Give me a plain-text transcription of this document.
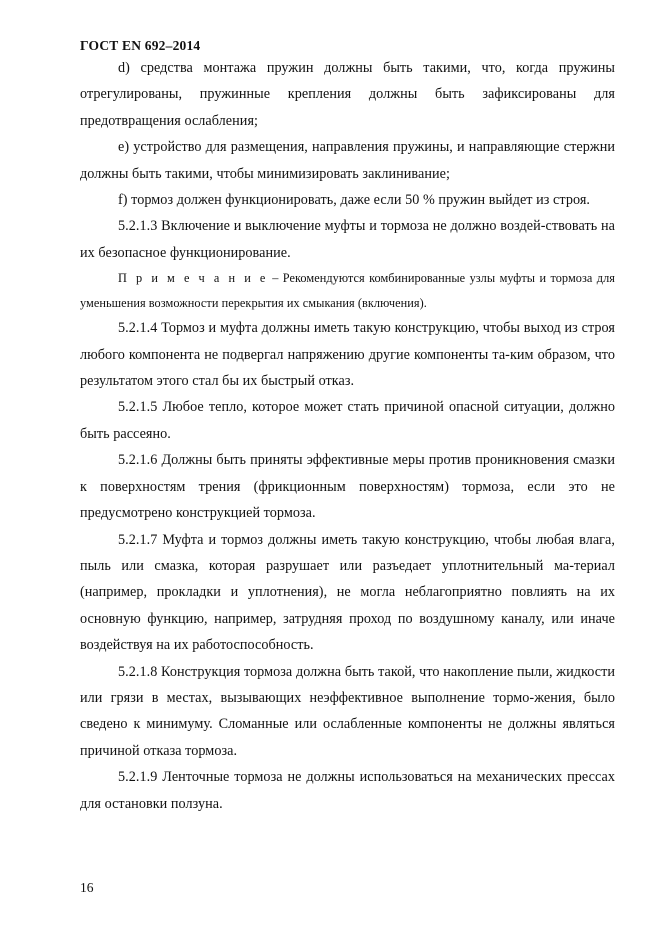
ГОСТ EN 692–2014

d) средства монтажа пружин должны быть такими, что, когда пружины отрегулированы, пружинные крепления должны быть зафиксированы для предотвращения ослабления;

е) устройство для размещения, направления пружины, и направляющие стержни должны быть такими, чтобы минимизировать заклинивание;

f) тормоз должен функционировать, даже если 50 % пружин выйдет из строя.

5.2.1.3 Включение и выключение муфты и тормоза не должно воздей-ствовать на их безопасное функционирование.

П р и м е ч а н и е – Рекомендуются комбинированные узлы муфты и тормоза для уменьшения возможности перекрытия их смыкания (включения).

5.2.1.4 Тормоз и муфта должны иметь такую конструкцию, чтобы выход из строя любого компонента не подвергал напряжению другие компоненты та-ким образом, что результатом этого стал бы их быстрый отказ.

5.2.1.5 Любое тепло, которое может стать причиной опасной ситуации, должно быть рассеяно.

5.2.1.6 Должны быть приняты эффективные меры против проникновения смазки к поверхностям трения (фрикционным поверхностям) тормоза, если это не предусмотрено конструкцией тормоза.

5.2.1.7 Муфта и тормоз должны иметь такую конструкцию, чтобы любая влага, пыль или смазка, которая разрушает или разъедает уплотнительный ма-териал (например, прокладки и уплотнения), не могла неблагоприятно повлиять на их основную функцию, например, затрудняя проход по воздушному каналу, или иначе воздействуя на их работоспособность.

5.2.1.8 Конструкция тормоза должна быть такой, что накопление пыли, жидкости или грязи в местах, вызывающих неэффективное выполнение тормо-жения, было сведено к минимуму. Сломанные или ослабленные компоненты не должны являться причиной отказа тормоза.

5.2.1.9 Ленточные тормоза не должны использоваться на механических прессах для остановки ползуна.

16
